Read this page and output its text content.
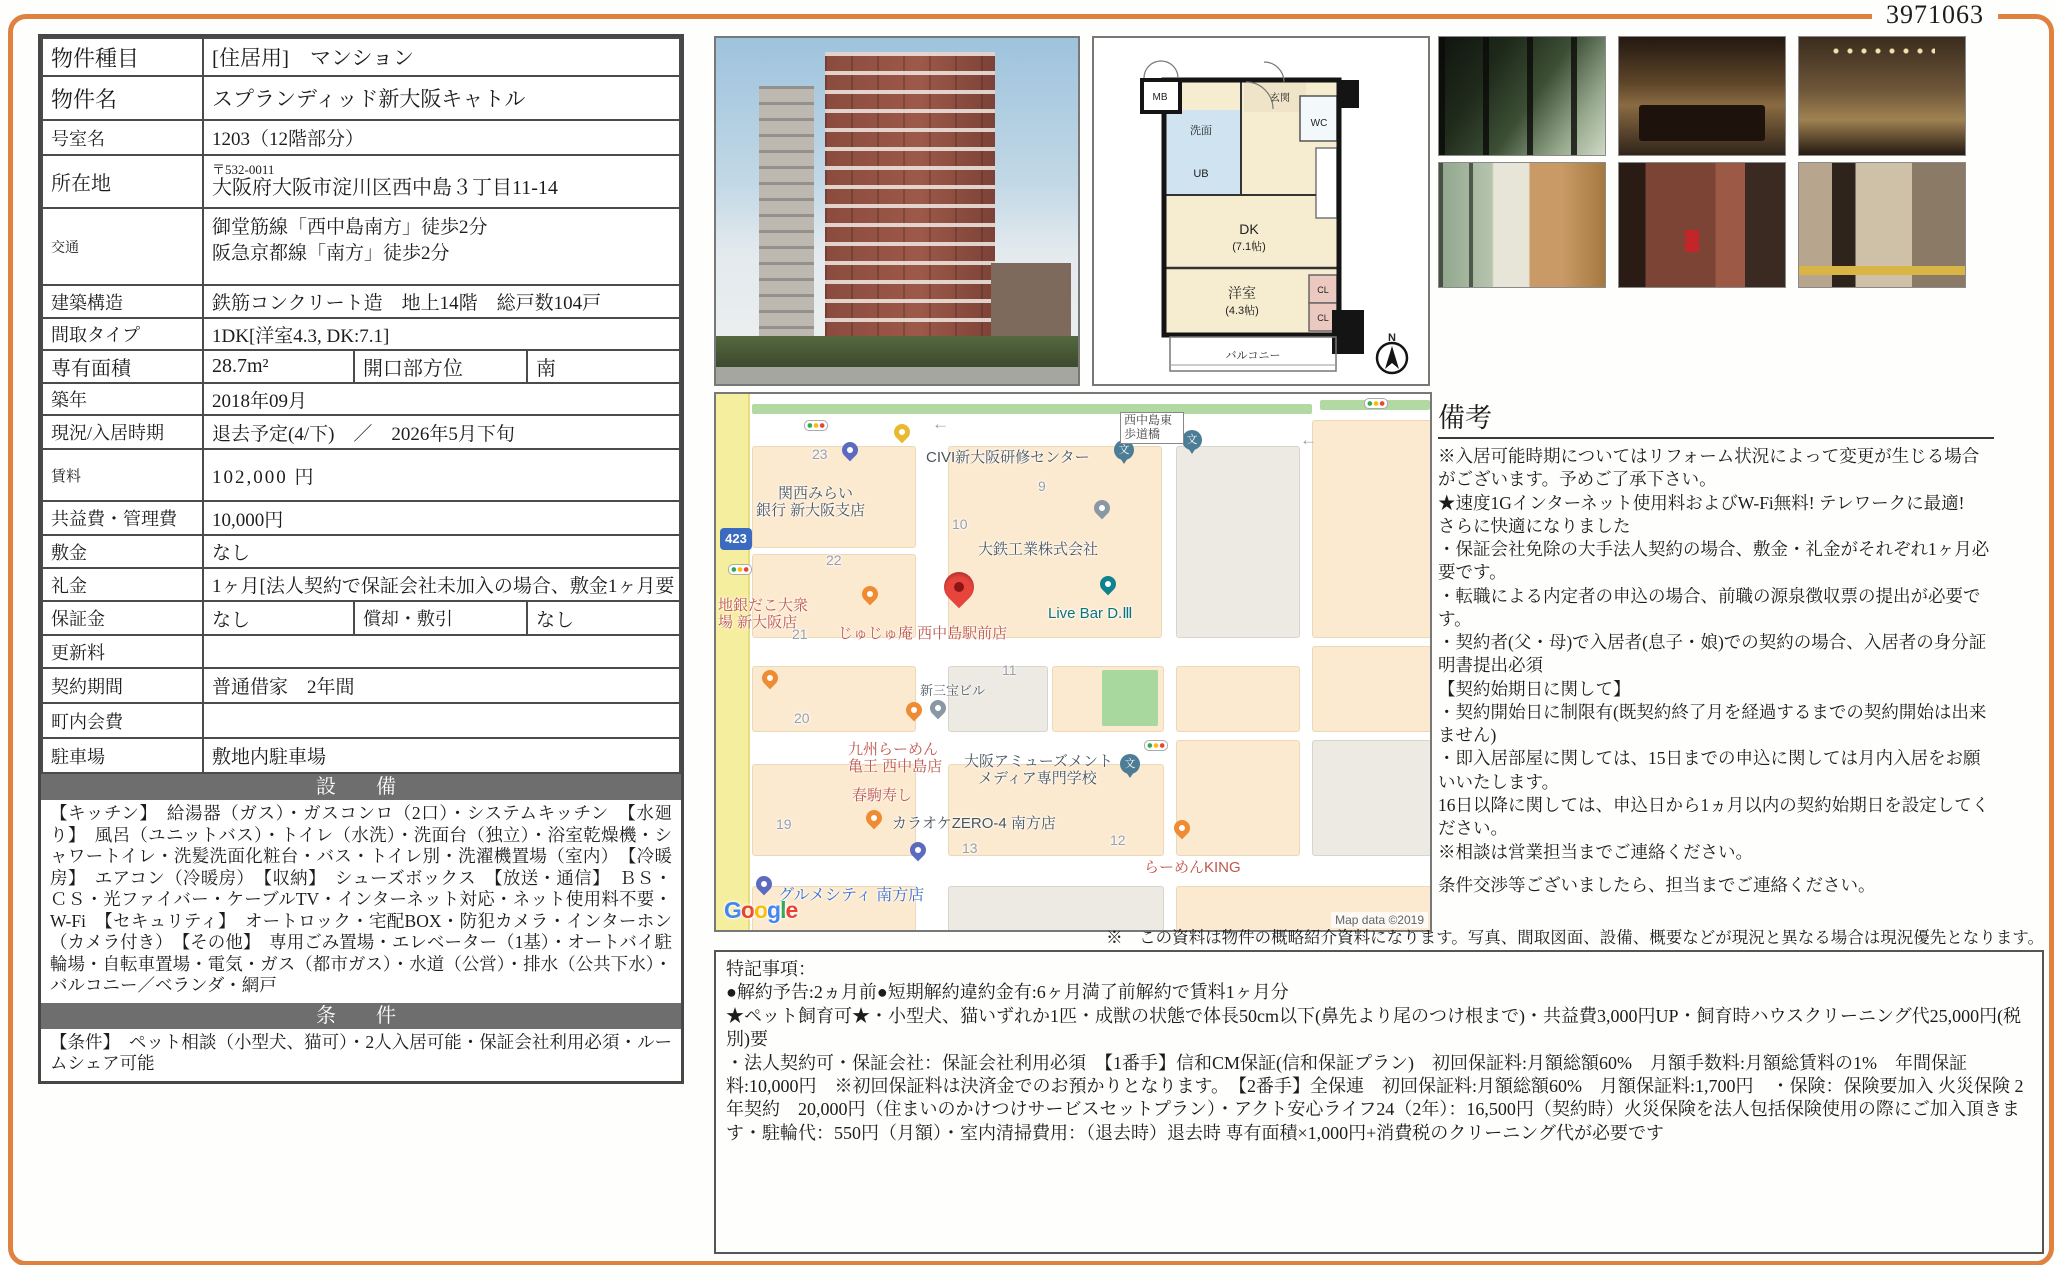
3971063
物件種目	[住居用]　マンション		
物件名	スプランディッド新大阪キャトル		
号室名	1203（12階部分）		
所在地	〒532-0011
大阪府大阪市淀川区西中島３丁目11-14		

交通	御堂筋線「西中島南方」徒歩2分
阪急京都線「南方」徒歩2分		

建築構造	鉄筋コンクリート造　地上14階　総戸数104戸		
間取タイプ	1DK[洋室4.3, DK:7.1]		
専有面積	28.7m²	開口部方位	南
築年	2018年09月		
現況/入居時期	退去予定(4/下)　／　2026年5月下旬		
賃料	102,000 円		
共益費・管理費	10,000円		
敷金	なし		
礼金	1ヶ月[法人契約で保証会社未加入の場合、敷金1ヶ月要		

保証金	なし	償却・敷引	なし
更新料			
契約期間	普通借家　2年間		
町内会費			
駐車場	敷地内駐車場		
設　備
【キッチン】　給湯器（ガス）・ガスコンロ（2口）・システムキッチン　【水廻り】　風呂（ユニットバス）・トイレ（水洗）・洗面台（独立）・浴室乾燥機・シャワートイレ・洗髪洗面化粧台・バス・トイレ別・洗濯機置場（室内）　【冷暖房】　エアコン（冷暖房）　【収納】　シューズボックス　【放送・通信】　ＢＳ・ＣＳ・光ファイバー・ケーブルTV・インターネット対応・ネット使用料不要・W-Fi　【セキュリティ】　オートロック・宅配BOX・防犯カメラ・インターホン（カメラ付き）　【その他】　専用ごみ置場・エレベーター（1基）・オートバイ駐輪場・自転車置場・電気・ガス（都市ガス）・水道（公営）・排水（公共下水）・バルコニー／ベランダ・網戸
条　件
【条件】　ペット相談（小型犬、猫可）・2人入居可能・保証会社利用必須・ルームシェア可能
MB	玄関
WC
洗面
UB
DK
(7.1帖)
洋室
(4.3帖)
CL
CL
バルコニー
N
23
22
21
20
19
10
9
11
13	12
関西みらい
銀行 新大阪支店
CIVI新大阪研修センター	文
文
西中島東
歩道橋
大鉄工業株式会社
Live Bar D.Ⅲ
じゅじゅ庵 西中島駅前店
地銀だこ大衆
場 新大阪店
新三宝ビル
九州らーめん
亀王 西中島店 大阪アミューズメント
メディア専門学校
文
春駒寿し
カラオケZERO-4 南方店
らーめんKING
グルメシティ 南方店
423
←
←
Google	Map data ©2019
備考

※入居可能時期についてはリフォーム状況によって変更が生じる場合がございます。予めご了承下さい。

★速度1Gインターネット使用料およびW-Fi無料! テレワークに最適!

さらに快適になりました

・保証会社免除の大手法人契約の場合、敷金・礼金がそれぞれ1ヶ月必要です。

・転職による内定者の申込の場合、前職の源泉徴収票の提出が必要です。

・契約者(父・母)で入居者(息子・娘)での契約の場合、入居者の身分証明書提出必須

【契約始期日に関して】

・契約開始日に制限有(既契約終了月を経過するまでの契約開始は出来ません)

・即入居部屋に関しては、15日までの申込に関しては月内入居をお願いいたします。

16日以降に関しては、申込日から1ヵ月以内の契約始期日を設定してください。

※相談は営業担当までご連絡ください。

条件交渉等ございましたら、担当までご連絡ください。

※　この資料は物件の概略紹介資料になります。写真、間取図面、設備、概要などが現況と異なる場合は現況優先となります。
特記事項：
●解約予告:2ヵ月前●短期解約違約金有:6ヶ月満了前解約で賃料1ヶ月分
★ペット飼育可★・小型犬、猫いずれか1匹・成獣の状態で体長50cm以下(鼻先より尾のつけ根まで)・共益費3,000円UP・飼育時ハウスクリーニング代25,000円(税別)要
・法人契約可・保証会社：保証会社利用必須　【1番手】信和CM保証(信和保証プラン)　初回保証料:月額総額60%　月額手数料:月額総賃料の1%　年間保証料:10,000円　※初回保証料は決済金でのお預かりとなります。　【2番手】全保連　初回保証料:月額総額60%　月額保証料:1,700円　・保険：保険要加入 火災保険 2年契約　20,000円（住まいのかけつけサービスセットプラン）・アクト安心ライフ24（2年）：16,500円（契約時）火災保険を法人包括保険使用の際にご加入頂きます・駐輪代：550円（月額）・室内清掃費用：（退去時）退去時 専有面積×1,000円+消費税のクリーニング代が必要です
